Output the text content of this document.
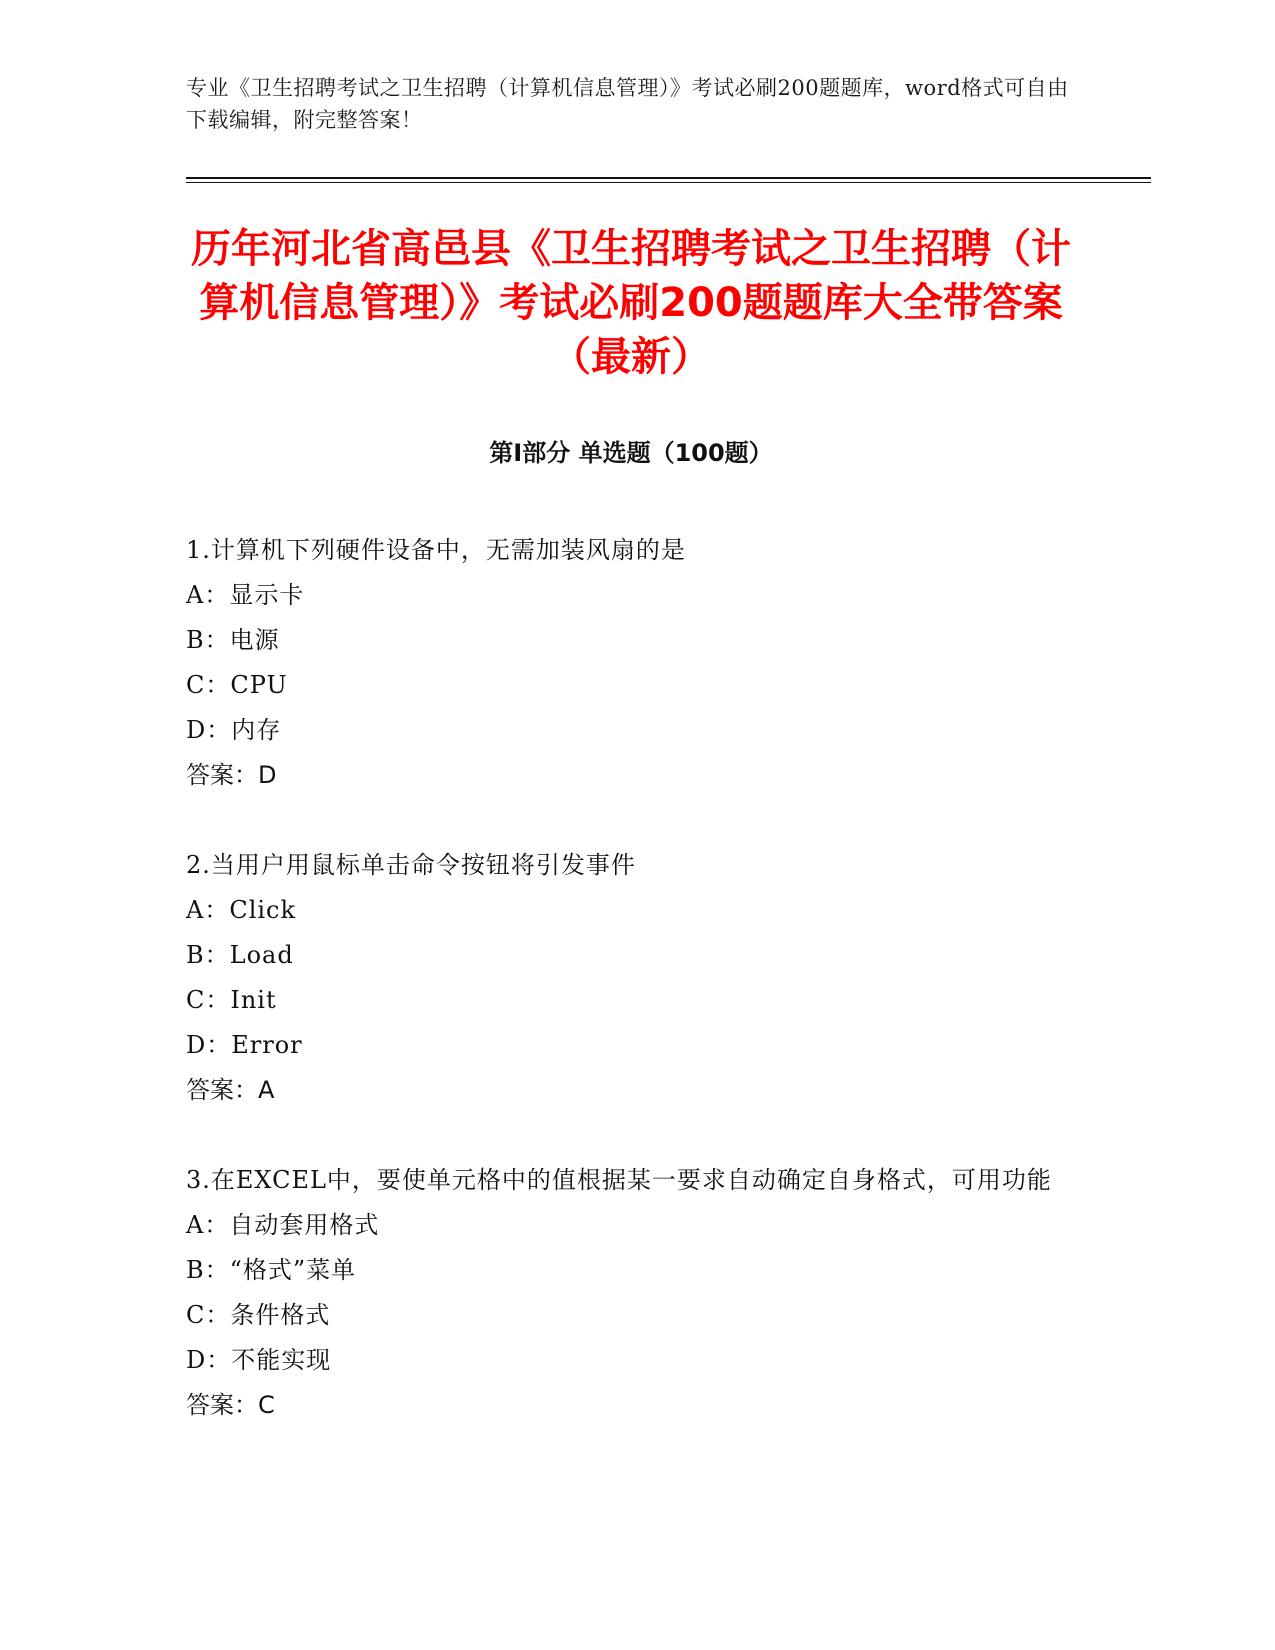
专业《卫生招聘考试之卫生招聘（计算机信息管理）》考试必刷200题题库，word格式可自由下载编辑，附完整答案！
历年河北省高邑县《卫生招聘考试之卫生招聘（计算机信息管理）》考试必刷200题题库大全带答案（最新）
第Ⅰ部分 单选题（100题）
1.计算机下列硬件设备中，无需加装风扇的是
A：显示卡
B：电源
C：CPU
D：内存
答案：D
2.当用户用鼠标单击命令按钮将引发事件
A：Click
B：Load
C：Init
D：Error
答案：A
3.在EXCEL中，要使单元格中的值根据某一要求自动确定自身格式，可用功能
A：自动套用格式
B：“格式”菜单
C：条件格式
D：不能实现
答案：C
